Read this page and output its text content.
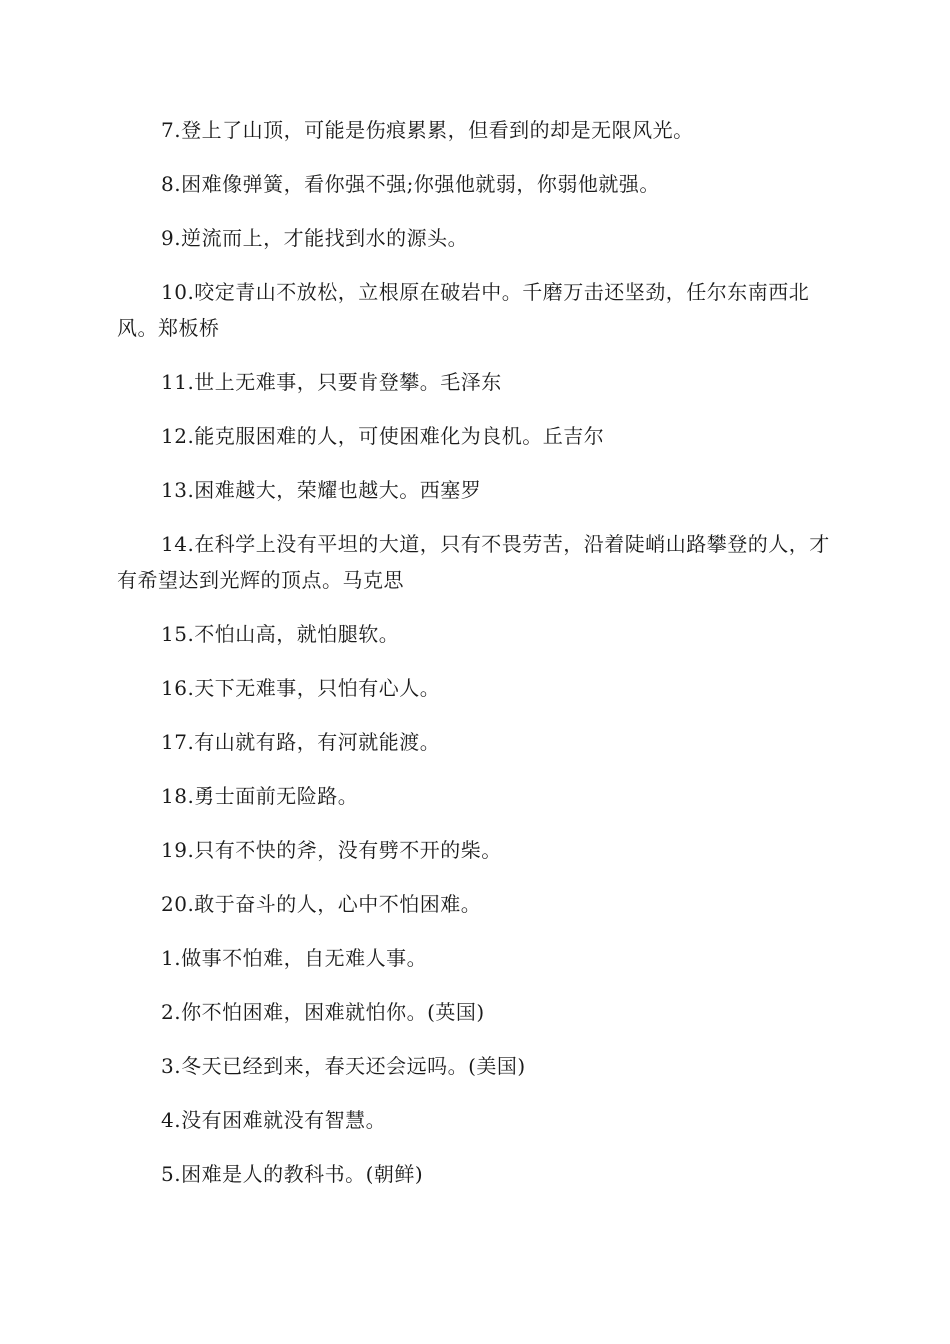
7.登上了山顶，可能是伤痕累累，但看到的却是无限风光。

8.困难像弹簧，看你强不强;你强他就弱，你弱他就强。

9.逆流而上，才能找到水的源头。

10.咬定青山不放松，立根原在破岩中。千磨万击还坚劲，任尔东南西北风。郑板桥

11.世上无难事，只要肯登攀。毛泽东

12.能克服困难的人，可使困难化为良机。丘吉尔

13.困难越大，荣耀也越大。西塞罗

14.在科学上没有平坦的大道，只有不畏劳苦，沿着陡峭山路攀登的人，才有希望达到光辉的顶点。马克思

15.不怕山高，就怕腿软。

16.天下无难事，只怕有心人。

17.有山就有路，有河就能渡。

18.勇士面前无险路。

19.只有不快的斧，没有劈不开的柴。

20.敢于奋斗的人，心中不怕困难。

1.做事不怕难，自无难人事。

2.你不怕困难，困难就怕你。(英国)

3.冬天已经到来，春天还会远吗。(美国)

4.没有困难就没有智慧。

5.困难是人的教科书。(朝鲜)
